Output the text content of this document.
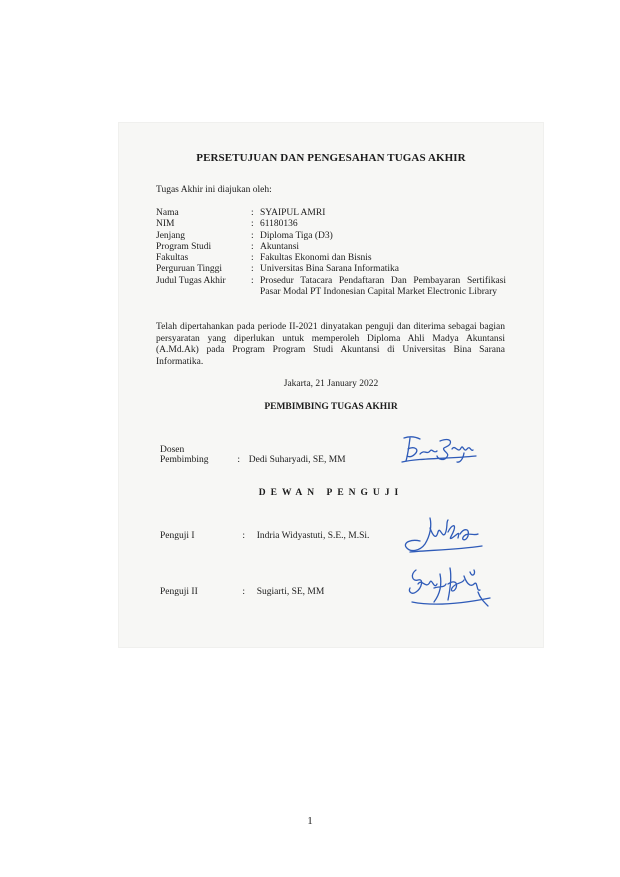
PERSETUJUAN DAN PENGESAHAN TUGAS AKHIR
Tugas Akhir ini diajukan oleh:
Nama	: SYAIPUL AMRI
NIM	: 61180136
Jenjang	: Diploma Tiga (D3)
Program Studi	: Akuntansi
Fakultas	: Fakultas Ekonomi dan Bisnis
Perguruan Tinggi	: Universitas Bina Sarana Informatika
Judul Tugas Akhir	: Prosedur Tatacara Pendaftaran Dan Pembayaran Sertifikasi Pasar Modal PT Indonesian Capital Market Electronic Library
Telah dipertahankan pada periode II-2021 dinyatakan penguji dan diterima sebagai bagian persyaratan yang diperlukan untuk memperoleh Diploma Ahli Madya Akuntansi (A.Md.Ak) pada Program Program Studi Akuntansi di Universitas Bina Sarana Informatika.
Jakarta, 21 January 2022
PEMBIMBING TUGAS AKHIR
Dosen Pembimbing	: Dedi Suharyadi, SE, MM
DEWAN PENGUJI
Penguji I	: Indria Widyastuti, S.E., M.Si.
Penguji II	: Sugiarti, SE, MM
1
